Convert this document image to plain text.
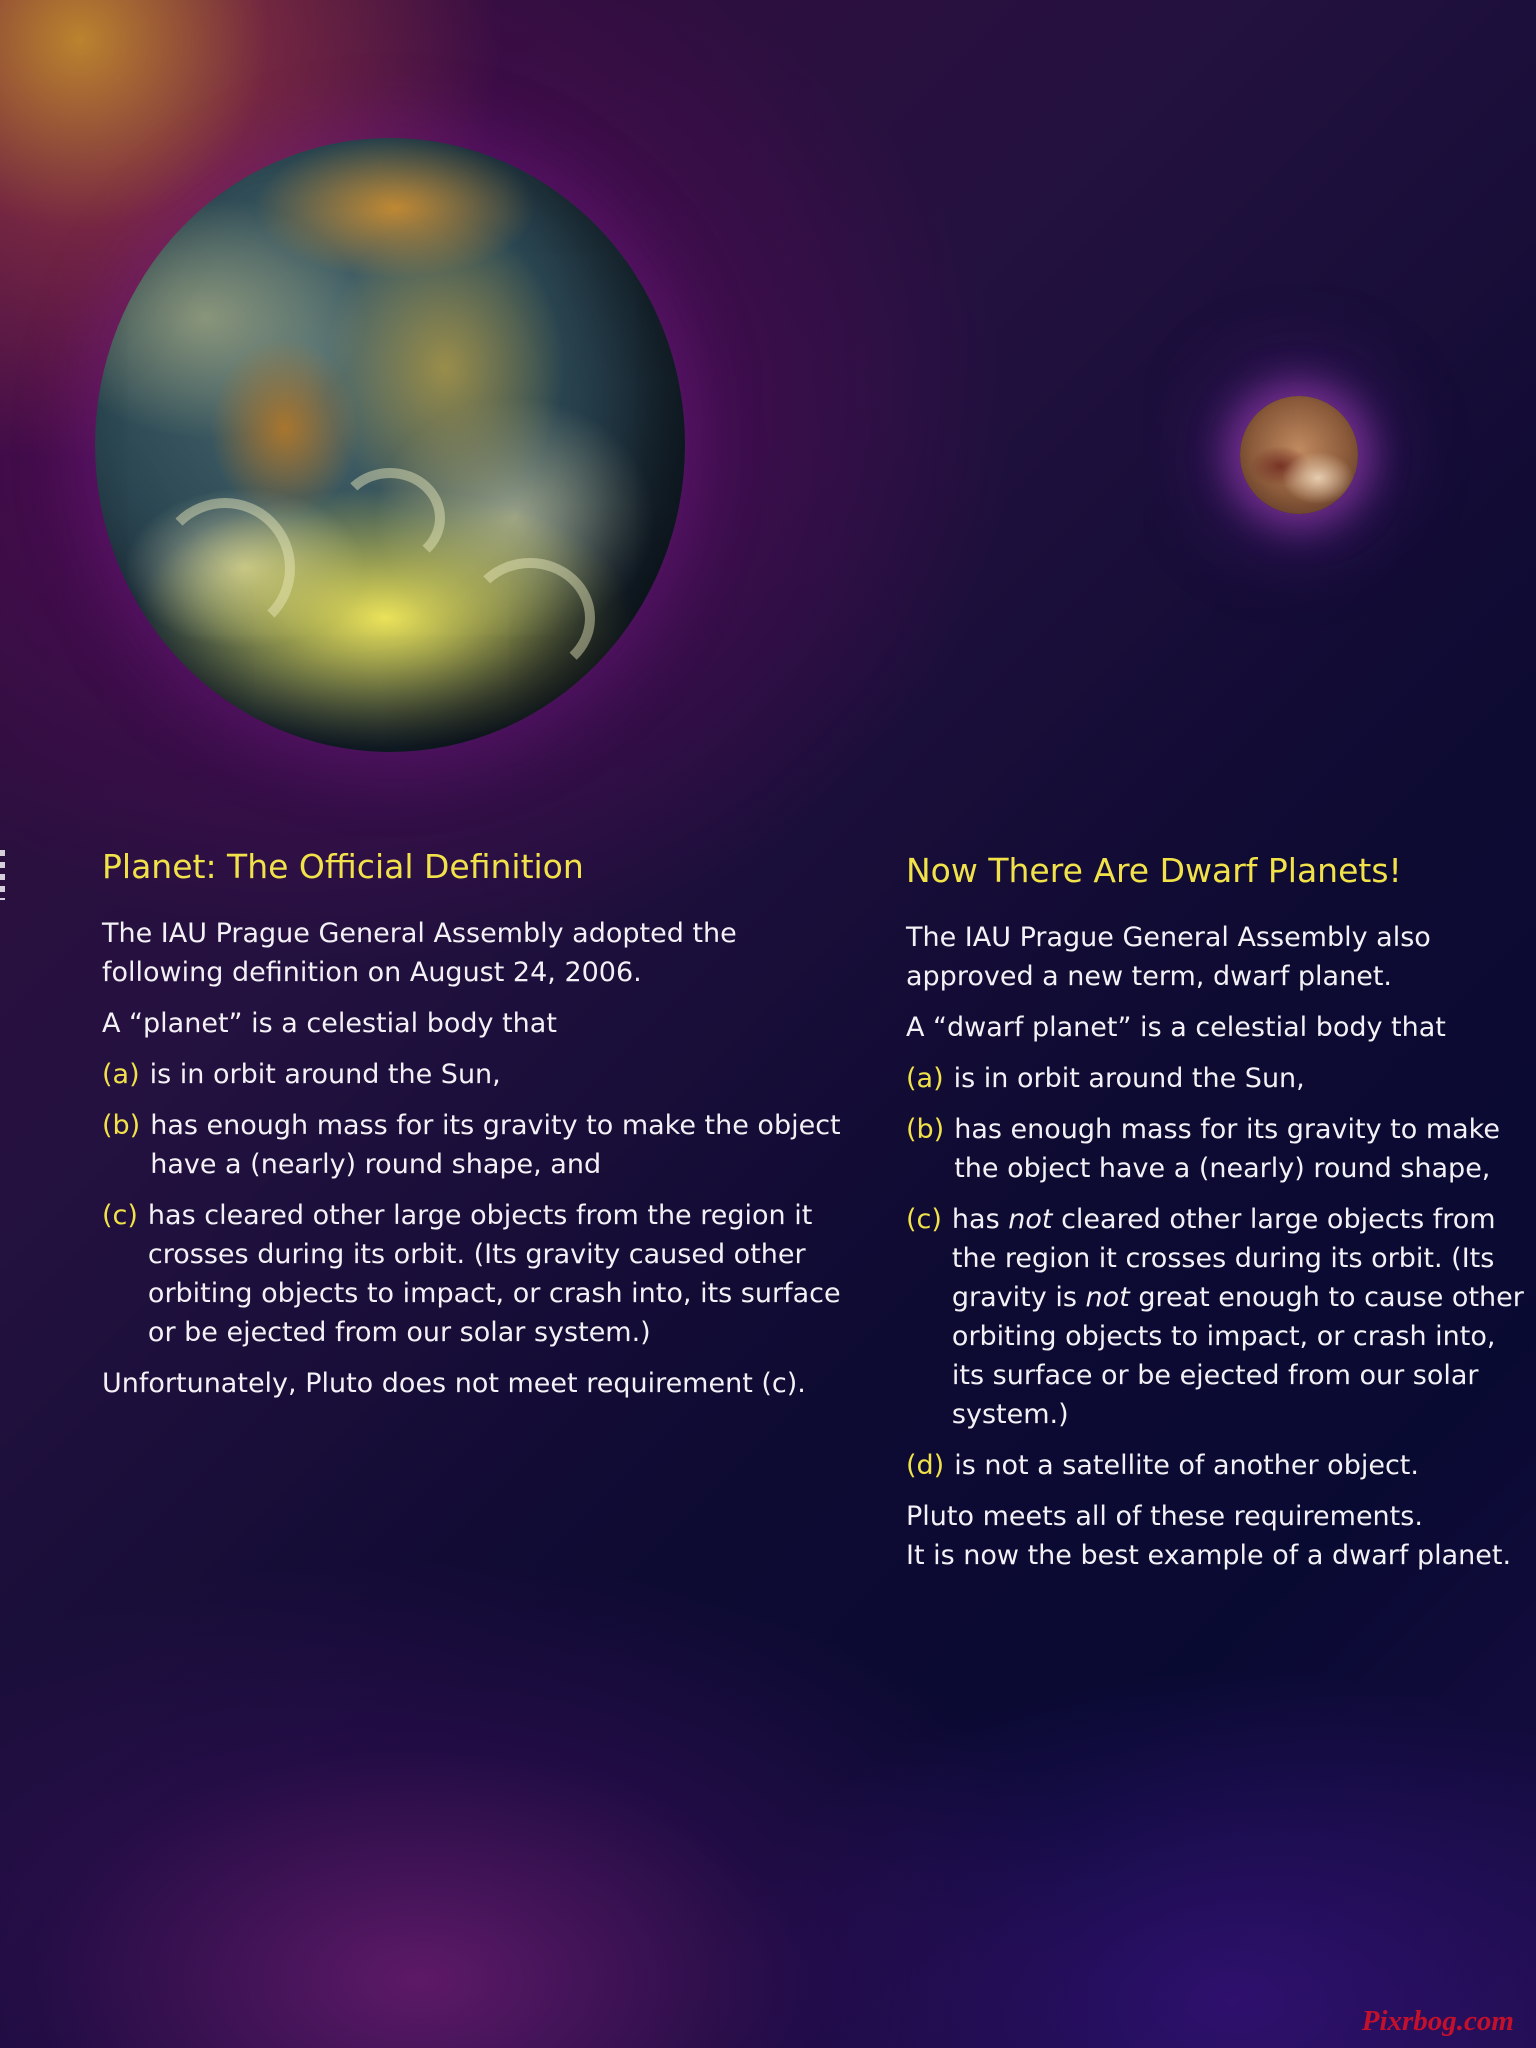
Planet: The Official Definition

The IAU Prague General Assembly adopted the following definition on August 24, 2006.

A “planet” is a celestial body that

(a) is in orbit around the Sun,
(b) has enough mass for its gravity to make the object have a (nearly) round shape, and
(c) has cleared other large objects from the region it crosses during its orbit. (Its gravity caused other orbiting objects to impact, or crash into, its surface or be ejected from our solar system.)

Unfortunately, Pluto does not meet requirement (c).

Now There Are Dwarf Planets!

The IAU Prague General Assembly also approved a new term, dwarf planet.

A “dwarf planet” is a celestial body that

(a) is in orbit around the Sun,
(b) has enough mass for its gravity to make the object have a (nearly) round shape,
(c) has not cleared other large objects from the region it crosses during its orbit. (Its gravity is not great enough to cause other orbiting objects to impact, or crash into, its surface or be ejected from our solar system.)
(d) is not a satellite of another object.

Pluto meets all of these requirements.
It is now the best example of a dwarf planet.

Pixrbog.com
